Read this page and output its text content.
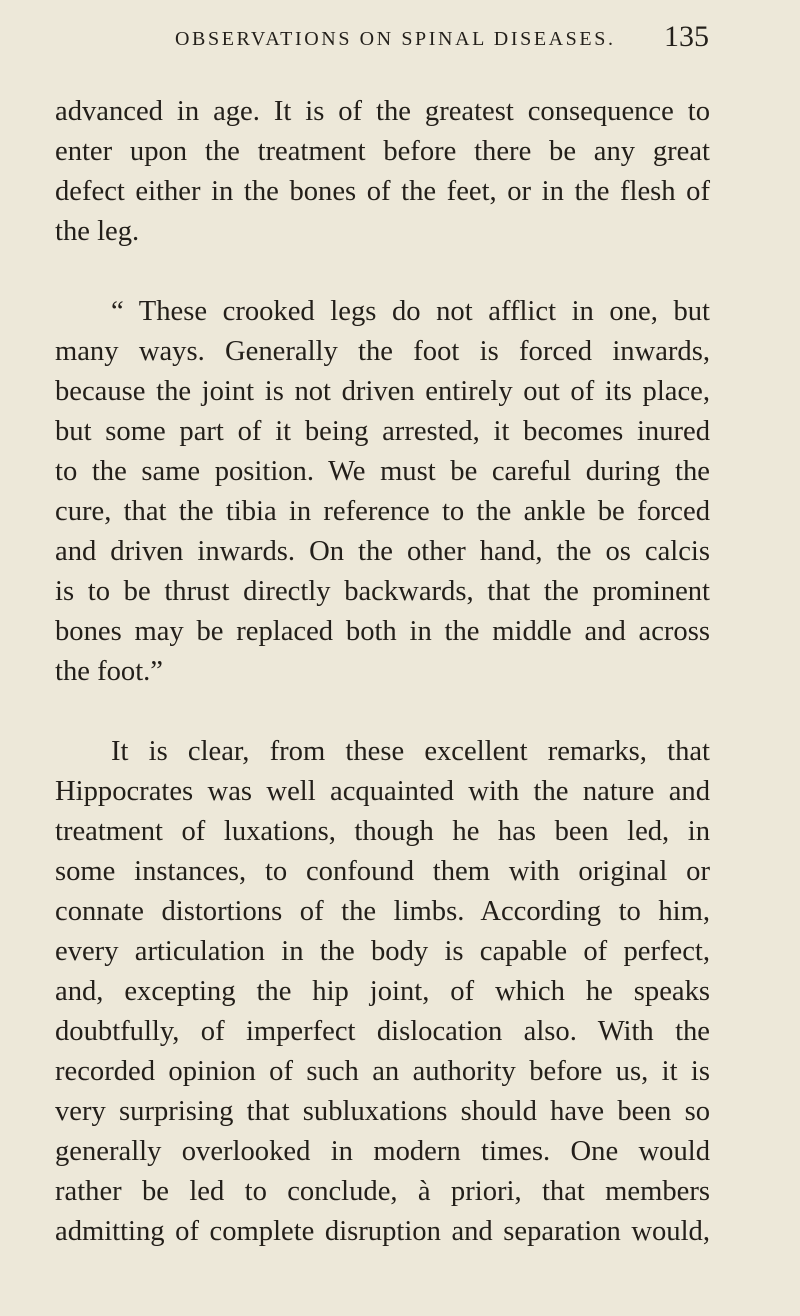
OBSERVATIONS ON SPINAL DISEASES. 135

advanced in age. It is of the greatest consequence to
enter upon the treatment before there be any great
defect either in the bones of the feet, or in the flesh of
the leg.

“ These crooked legs do not afflict in one, but
many ways. Generally the foot is forced inwards,
because the joint is not driven entirely out of its place,
but some part of it being arrested, it becomes inured
to the same position. We must be careful during the
cure, that the tibia in reference to the ankle be forced
and driven inwards. On the other hand, the os calcis
is to be thrust directly backwards, that the prominent
bones may be replaced both in the middle and across
the foot.”

It is clear, from these excellent remarks, that
Hippocrates was well acquainted with the nature and
treatment of luxations, though he has been led, in
some instances, to confound them with original or
connate distortions of the limbs. According to him,
every articulation in the body is capable of perfect,
and, excepting the hip joint, of which he speaks
doubtfully, of imperfect dislocation also. With the
recorded opinion of such an authority before us, it is
very surprising that subluxations should have been so
generally overlooked in modern times. One would
rather be led to conclude, à priori, that members
admitting of complete disruption and separation would,
